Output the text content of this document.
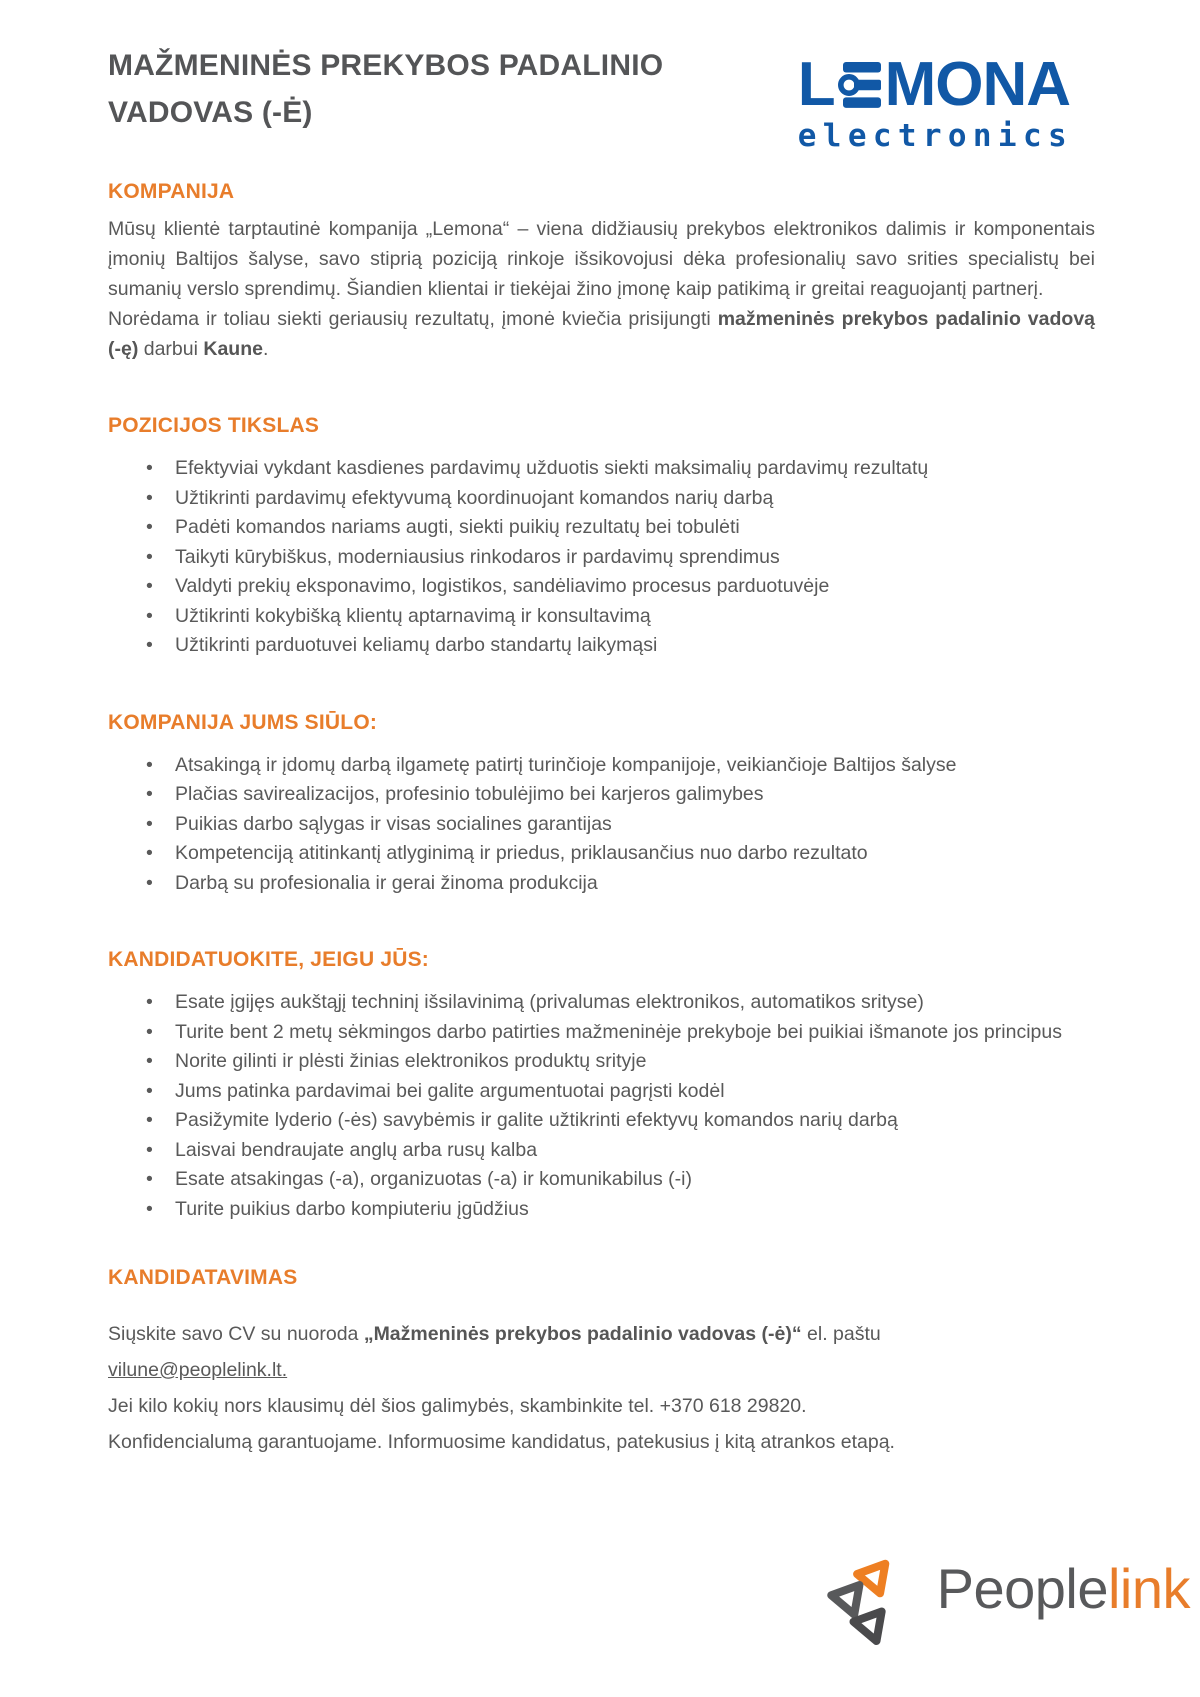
MAŽMENINĖS PREKYBOS PADALINIO
VADOVAS (-Ė)	L MONA
electronics
KOMPANIJA

Mūsų klientė tarptautinė kompanija „Lemona“ – viena didžiausių prekybos elektronikos dalimis ir komponentais įmonių Baltijos šalyse, savo stiprią poziciją rinkoje išsikovojusi dėka profesionalių savo srities specialistų bei sumanių verslo sprendimų. Šiandien klientai ir tiekėjai žino įmonę kaip patikimą ir greitai reaguojantį partnerį.

Norėdama ir toliau siekti geriausių rezultatų, įmonė kviečia prisijungti mažmeninės prekybos padalinio vadovą (-ę) darbui Kaune.

POZICIJOS TIKSLAS
• Efektyviai vykdant kasdienes pardavimų užduotis siekti maksimalių pardavimų rezultatų
• Užtikrinti pardavimų efektyvumą koordinuojant komandos narių darbą
• Padėti komandos nariams augti, siekti puikių rezultatų bei tobulėti
• Taikyti kūrybiškus, moderniausius rinkodaros ir pardavimų sprendimus
• Valdyti prekių eksponavimo, logistikos, sandėliavimo procesus parduotuvėje
• Užtikrinti kokybišką klientų aptarnavimą ir konsultavimą
• Užtikrinti parduotuvei keliamų darbo standartų laikymąsi
KOMPANIJA JUMS SIŪLO:
• Atsakingą ir įdomų darbą ilgametę patirtį turinčioje kompanijoje, veikiančioje Baltijos šalyse
• Plačias savirealizacijos, profesinio tobulėjimo bei karjeros galimybes
• Puikias darbo sąlygas ir visas socialines garantijas
• Kompetenciją atitinkantį atlyginimą ir priedus, priklausančius nuo darbo rezultato
• Darbą su profesionalia ir gerai žinoma produkcija
KANDIDATUOKITE, JEIGU JŪS:
• Esate įgijęs aukštąjį techninį išsilavinimą (privalumas elektronikos, automatikos srityse)
• Turite bent 2 metų sėkmingos darbo patirties mažmeninėje prekyboje bei puikiai išmanote jos principus
• Norite gilinti ir plėsti žinias elektronikos produktų srityje
• Jums patinka pardavimai bei galite argumentuotai pagrįsti kodėl
• Pasižymite lyderio (-ės) savybėmis ir galite užtikrinti efektyvų komandos narių darbą
• Laisvai bendraujate anglų arba rusų kalba
• Esate atsakingas (-a), organizuotas (-a) ir komunikabilus (-i)
• Turite puikius darbo kompiuteriu įgūdžius
KANDIDATAVIMAS

Siųskite savo CV su nuoroda „Mažmeninės prekybos padalinio vadovas (-ė)“ el. paštu

vilune@peoplelink.lt.

Jei kilo kokių nors klausimų dėl šios galimybės, skambinkite tel. +370 618 29820.

Konfidencialumą garantuojame. Informuosime kandidatus, patekusius į kitą atrankos etapą.

Peoplelink
